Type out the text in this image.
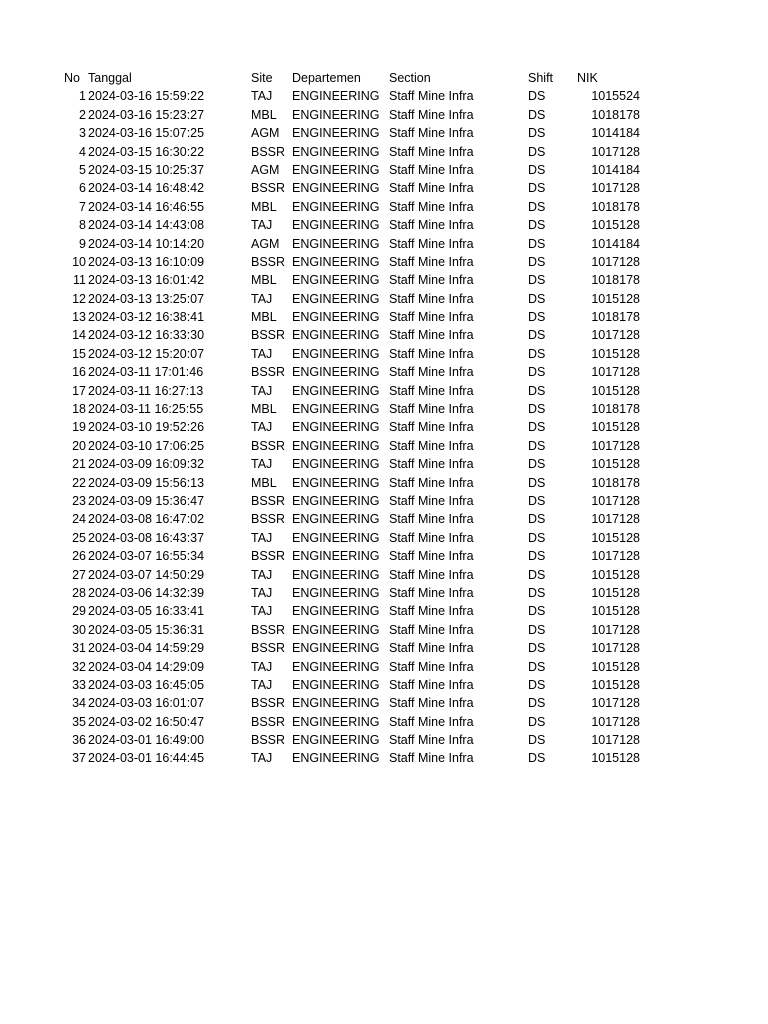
No Tanggal	Site Departemen Section	Shift NIK
1 2024-03-16 15:59:22	TAJ ENGINEERING Staff Mine Infra	DS	1015524
2 2024-03-16 15:23:27	MBL ENGINEERING Staff Mine Infra	DS	1018178
3 2024-03-16 15:07:25	AGM ENGINEERING Staff Mine Infra	DS	1014184
4 2024-03-15 16:30:22	BSSR ENGINEERING Staff Mine Infra	DS	1017128
5 2024-03-15 10:25:37	AGM ENGINEERING Staff Mine Infra	DS	1014184
6 2024-03-14 16:48:42	BSSR ENGINEERING Staff Mine Infra	DS	1017128
7 2024-03-14 16:46:55	MBL ENGINEERING Staff Mine Infra	DS	1018178
8 2024-03-14 14:43:08	TAJ ENGINEERING Staff Mine Infra	DS	1015128
9 2024-03-14 10:14:20	AGM ENGINEERING Staff Mine Infra	DS	1014184
10 2024-03-13 16:10:09	BSSR ENGINEERING Staff Mine Infra	DS	1017128
11 2024-03-13 16:01:42	MBL ENGINEERING Staff Mine Infra	DS	1018178
12 2024-03-13 13:25:07	TAJ ENGINEERING Staff Mine Infra	DS	1015128
13 2024-03-12 16:38:41	MBL ENGINEERING Staff Mine Infra	DS	1018178
14 2024-03-12 16:33:30	BSSR ENGINEERING Staff Mine Infra	DS	1017128
15 2024-03-12 15:20:07	TAJ ENGINEERING Staff Mine Infra	DS	1015128
16 2024-03-11 17:01:46	BSSR ENGINEERING Staff Mine Infra	DS	1017128
17 2024-03-11 16:27:13	TAJ ENGINEERING Staff Mine Infra	DS	1015128
18 2024-03-11 16:25:55	MBL ENGINEERING Staff Mine Infra	DS	1018178
19 2024-03-10 19:52:26	TAJ ENGINEERING Staff Mine Infra	DS	1015128
20 2024-03-10 17:06:25	BSSR ENGINEERING Staff Mine Infra	DS	1017128
21 2024-03-09 16:09:32	TAJ ENGINEERING Staff Mine Infra	DS	1015128
22 2024-03-09 15:56:13	MBL ENGINEERING Staff Mine Infra	DS	1018178
23 2024-03-09 15:36:47	BSSR ENGINEERING Staff Mine Infra	DS	1017128
24 2024-03-08 16:47:02	BSSR ENGINEERING Staff Mine Infra	DS	1017128
25 2024-03-08 16:43:37	TAJ ENGINEERING Staff Mine Infra	DS	1015128
26 2024-03-07 16:55:34	BSSR ENGINEERING Staff Mine Infra	DS	1017128
27 2024-03-07 14:50:29	TAJ ENGINEERING Staff Mine Infra	DS	1015128
28 2024-03-06 14:32:39	TAJ ENGINEERING Staff Mine Infra	DS	1015128
29 2024-03-05 16:33:41	TAJ ENGINEERING Staff Mine Infra	DS	1015128
30 2024-03-05 15:36:31	BSSR ENGINEERING Staff Mine Infra	DS	1017128
31 2024-03-04 14:59:29	BSSR ENGINEERING Staff Mine Infra	DS	1017128
32 2024-03-04 14:29:09	TAJ ENGINEERING Staff Mine Infra	DS	1015128
33 2024-03-03 16:45:05	TAJ ENGINEERING Staff Mine Infra	DS	1015128
34 2024-03-03 16:01:07	BSSR ENGINEERING Staff Mine Infra	DS	1017128
35 2024-03-02 16:50:47	BSSR ENGINEERING Staff Mine Infra	DS	1017128
36 2024-03-01 16:49:00	BSSR ENGINEERING Staff Mine Infra	DS	1017128
37 2024-03-01 16:44:45	TAJ ENGINEERING Staff Mine Infra	DS	1015128
